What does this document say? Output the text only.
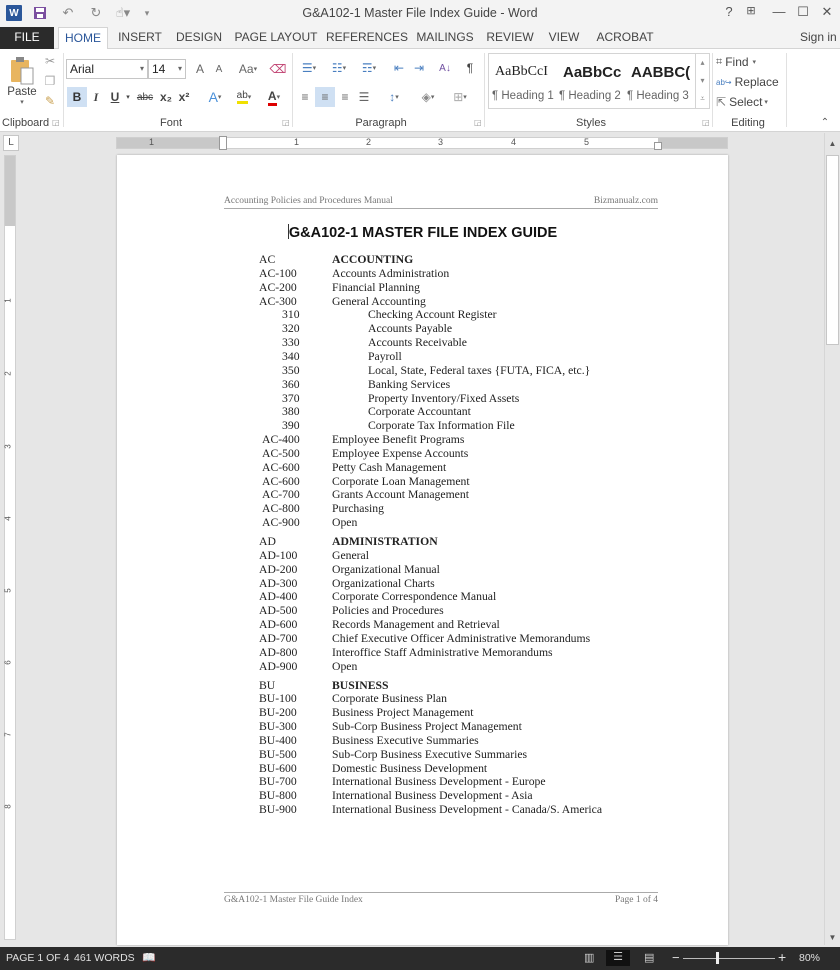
W	↶	↻ ☝▾	▾	G&A102-1 Master File Index Guide - Word	?	⊞	— ☐ ✕
FILE	HOME	INSERT	DESIGN	PAGE LAYOUT REFERENCES MAILINGS REVIEW	VIEW	ACROBAT	Sign in
Paste
▾
✂
❐
✎
Clipboard ◲
Arial	▾ 14 ▾	A	A	Aa ▾ ⌫
B	I	U ▾ abc x₂ x² A ▾ ab ▾ A ▾
Font	◲
☰ ▾	☷ ▾	☶ ▾	⇤ ⇥	A↓	¶
≡	≡	≡ ☰	↕ ▾	◈ ▾	⊞ ▾
Paragraph	◲
AaBbCcI AaBbCc AABBC(
¶ Heading 1 ¶ Heading 2 ¶ Heading 3
▴
▾
⩡
Styles	◲
⌗ Find ▾
ab↪ Replace
⇱ Select ▾
Editing	⌃
L	1	1	2	3	4	5
1
2
3
4
5
6
7
8
Accounting Policies and Procedures Manual	Bizmanualz.com
G&A102-1 MASTER FILE INDEX GUIDE
AC	ACCOUNTING
G&A102-1 Master File Guide Index	Page 1 of 4
AC-100	Accounts Administration
AC-200	Financial Planning
AC-300	General Accounting
310	Checking Account Register
320	Accounts Payable
330	Accounts Receivable
340	Payroll
350	Local, State, Federal taxes {FUTA, FICA, etc.}
360	Banking Services
370	Property Inventory/Fixed Assets
380	Corporate Accountant
390	Corporate Tax Information File
AC-400	Employee Benefit Programs
AC-500	Employee Expense Accounts
AC-600	Petty Cash Management
AC-600	Corporate Loan Management
AC-700	Grants Account Management
AC-800	Purchasing
AC-900	Open
AD	ADMINISTRATION
AD-100	General
AD-200	Organizational Manual
AD-300	Organizational Charts
AD-400	Corporate Correspondence Manual
AD-500	Policies and Procedures
AD-600	Records Management and Retrieval
AD-700	Chief Executive Officer Administrative Memorandums
AD-800	Interoffice Staff Administrative Memorandums
AD-900	Open
BU	BUSINESS
BU-100	Corporate Business Plan
BU-200	Business Project Management
BU-300	Sub-Corp Business Project Management
BU-400	Business Executive Summaries
BU-500	Sub-Corp Business Executive Summaries
BU-600	Domestic Business Development
BU-700	International Business Development - Europe
BU-800	International Business Development - Asia
BU-900	International Business Development - Canada/S. America
▲
▼
PAGE 1 OF 4 461 WORDS 📖	▥	☰	▤ −	+ 80%
